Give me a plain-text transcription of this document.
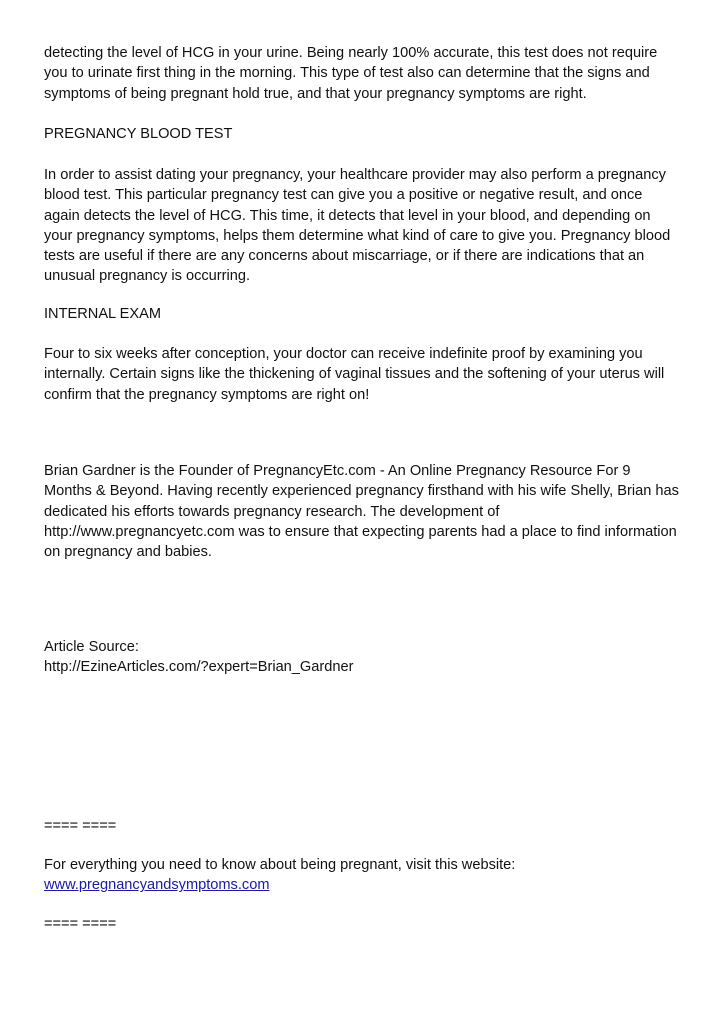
detecting the level of HCG in your urine. Being nearly 100% accurate, this test does not require
you to urinate first thing in the morning. This type of test also can determine that the signs and
symptoms of being pregnant hold true, and that your pregnancy symptoms are right.
PREGNANCY BLOOD TEST
In order to assist dating your pregnancy, your healthcare provider may also perform a pregnancy
blood test. This particular pregnancy test can give you a positive or negative result, and once
again detects the level of HCG. This time, it detects that level in your blood, and depending on
your pregnancy symptoms, helps them determine what kind of care to give you. Pregnancy blood
tests are useful if there are any concerns about miscarriage, or if there are indications that an
unusual pregnancy is occurring.
INTERNAL EXAM
Four to six weeks after conception, your doctor can receive indefinite proof by examining you
internally. Certain signs like the thickening of vaginal tissues and the softening of your uterus will
confirm that the pregnancy symptoms are right on!
Brian Gardner is the Founder of PregnancyEtc.com - An Online Pregnancy Resource For 9
Months & Beyond. Having recently experienced pregnancy firsthand with his wife Shelly, Brian has
dedicated his efforts towards pregnancy research. The development of
http://www.pregnancyetc.com was to ensure that expecting parents had a place to find information
on pregnancy and babies.
Article Source:
http://EzineArticles.com/?expert=Brian_Gardner
==== ====
For everything you need to know about being pregnant, visit this website:
www.pregnancyandsymptoms.com
==== ====
